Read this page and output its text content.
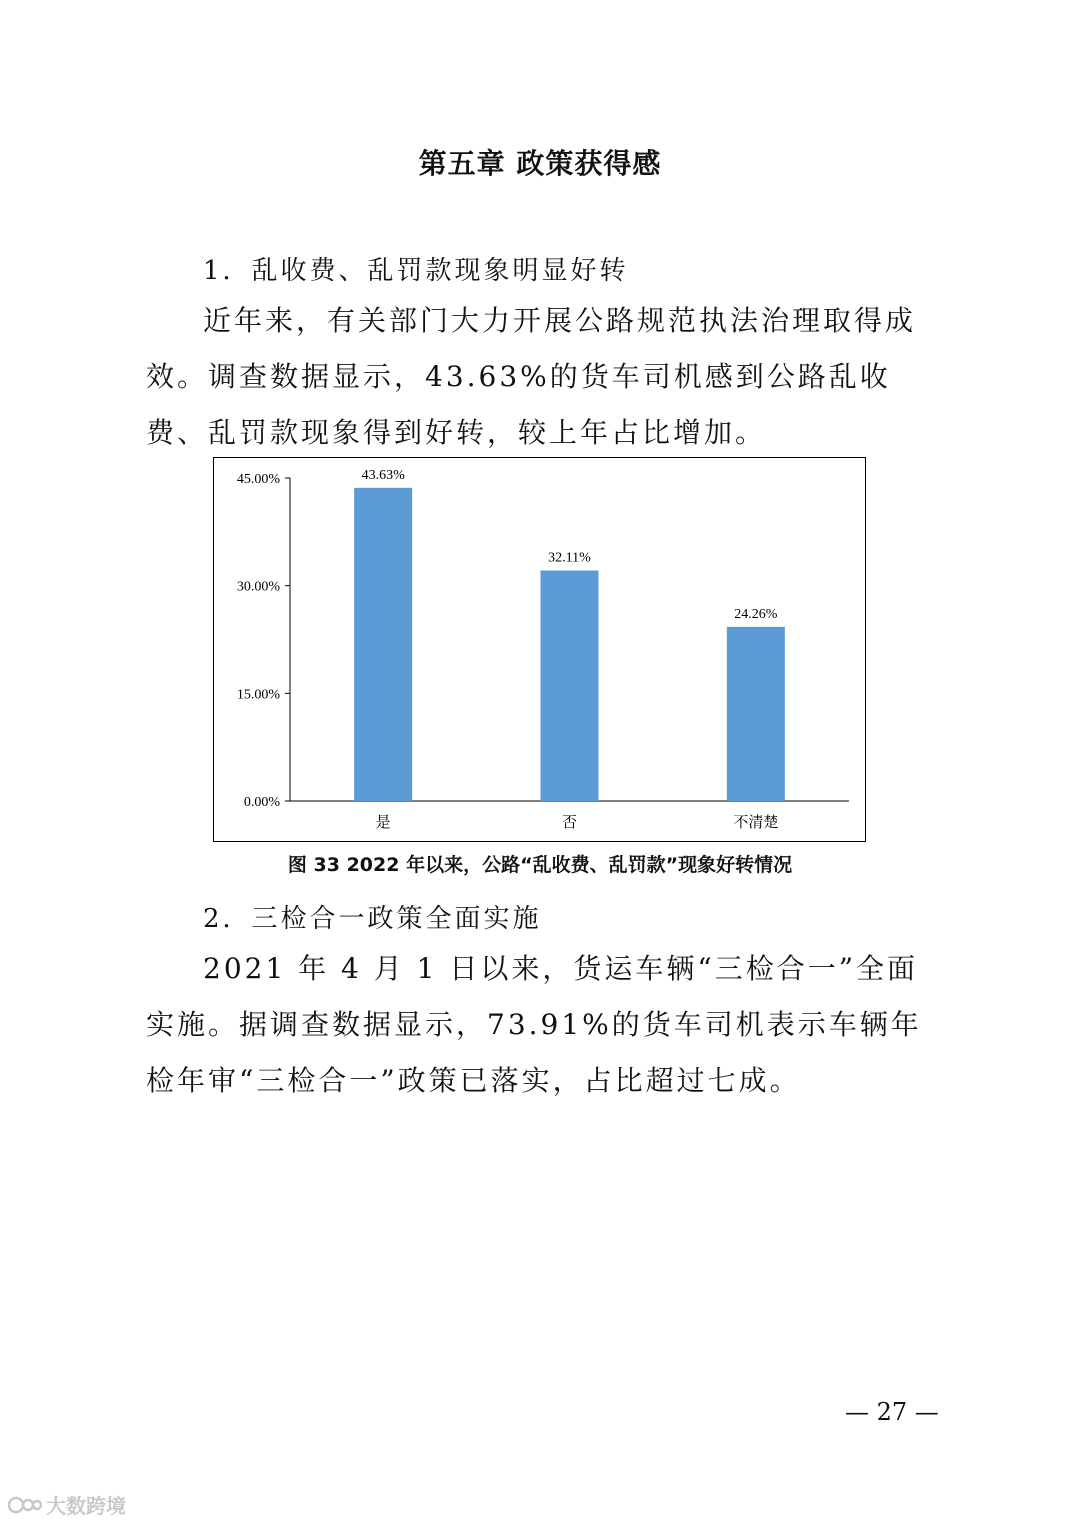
第五章 政策获得感
1．乱收费、乱罚款现象明显好转

近年来，有关部门大力开展公路规范执法治理取得成效。调查数据显示，43.63%的货车司机感到公路乱收费、乱罚款现象得到好转，较上年占比增加。

0.00%
15.00%
30.00%
45.00%	43.63%
是
32.11%
否
24.26%
不清楚

图 33 2022 年以来，公路“乱收费、乱罚款”现象好转情况

2．三检合一政策全面实施

2021 年 4 月 1 日以来，货运车辆“三检合一”全面实施。据调查数据显示，73.91%的货车司机表示车辆年检年审“三检合一”政策已落实，占比超过七成。

— 27 —
大数跨境
